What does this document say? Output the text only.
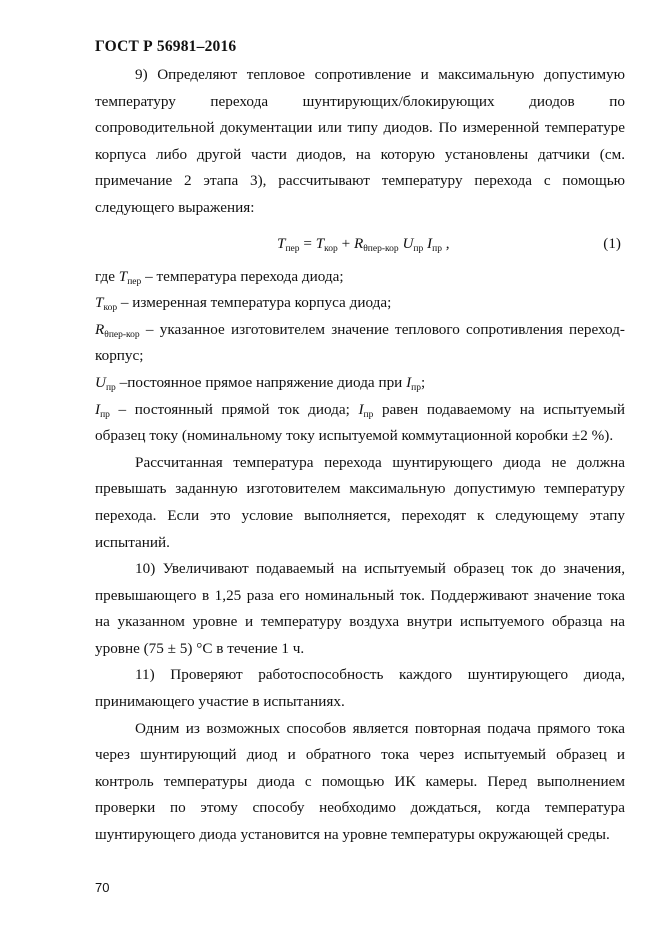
ГОСТ Р 56981–2016

9) Определяют тепловое сопротивление и максимальную допустимую температуру перехода шунтирующих/блокирующих диодов по сопроводительной документации или типу диодов. По измеренной температуре корпуса либо другой части диодов, на которую установлены датчики (см. примечание 2 этапа 3), рассчитывают температуру перехода с помощью следующего выражения:

$T_{пер} = T_{кор} + R_{\theta пер-кор}$ $U_{пр}$ $I_{пр}$ ,	(1)

где $T_{пер}$ – температура перехода диода;

$T_{кор}$ – измеренная температура корпуса диода;

$R_{\theta пер-кор}$ – указанное изготовителем значение теплового сопротивления переход-корпус;

$U_{пр}$ –постоянное прямое напряжение диода при $I_{пр}$;

$I_{пр}$ – постоянный прямой ток диода; $I_{пр}$ равен подаваемому на испытуемый образец току (номинальному току испытуемой коммутационной коробки ±2 %).

Рассчитанная температура перехода шунтирующего диода не должна превышать заданную изготовителем максимальную допустимую температуру перехода. Если это условие выполняется, переходят к следующему этапу испытаний.

10) Увеличивают подаваемый на испытуемый образец ток до значения, превышающего в 1,25 раза его номинальный ток. Поддерживают значение тока на указанном уровне и температуру воздуха внутри испытуемого образца на уровне (75 ± 5) °С в течение 1 ч.

11) Проверяют работоспособность каждого шунтирующего диода, принимающего участие в испытаниях.

Одним из возможных способов является повторная подача прямого тока через шунтирующий диод и обратного тока через испытуемый образец и контроль температуры диода с помощью ИК камеры. Перед выполнением проверки по этому способу необходимо дождаться, когда температура шунтирующего диода установится на уровне температуры окружающей среды.

70
